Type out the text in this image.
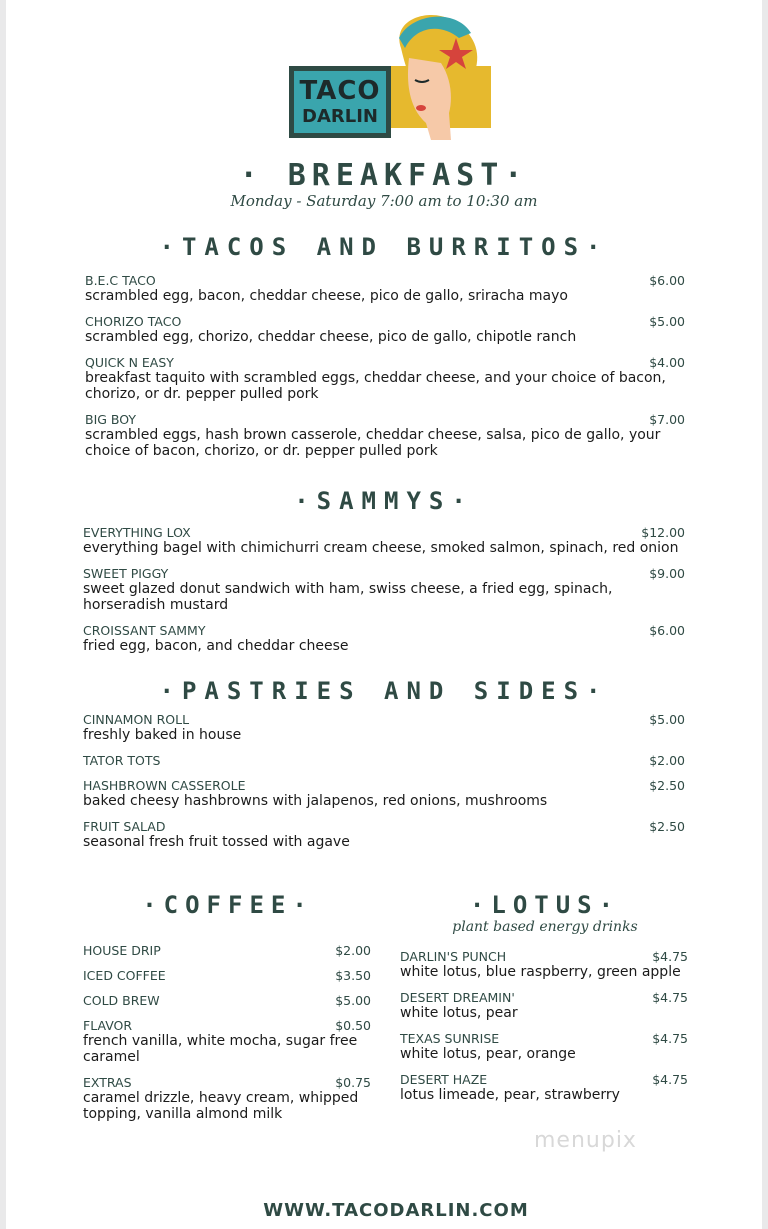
TACO
DARLIN
· BREAKFAST·
Monday - Saturday 7:00 am to 10:30 am
·TACOS AND BURRITOS·
B.E.C TACO	$6.00
scrambled egg, bacon, cheddar cheese, pico de gallo, sriracha mayo
CHORIZO TACO	$5.00
scrambled egg, chorizo, cheddar cheese, pico de gallo, chipotle ranch
QUICK N EASY	$4.00
breakfast taquito with scrambled eggs, cheddar cheese, and your choice of bacon, chorizo, or dr. pepper pulled pork
BIG BOY	$7.00
scrambled eggs, hash brown casserole, cheddar cheese, salsa, pico de gallo, your choice of bacon, chorizo, or dr. pepper pulled pork
·SAMMYS·
EVERYTHING LOX	$12.00
everything bagel with chimichurri cream cheese, smoked salmon, spinach, red onion
SWEET PIGGY	$9.00
sweet glazed donut sandwich with ham, swiss cheese, a fried egg, spinach, horseradish mustard
CROISSANT SAMMY	$6.00
fried egg, bacon, and cheddar cheese
·PASTRIES AND SIDES·
CINNAMON ROLL	$5.00
freshly baked in house
TATOR TOTS	$2.00
HASHBROWN CASSEROLE	$2.50
baked cheesy hashbrowns with jalapenos, red onions, mushrooms
FRUIT SALAD	$2.50
seasonal fresh fruit tossed with agave
·COFFEE·
HOUSE DRIP	$2.00
ICED COFFEE	$3.50
COLD BREW	$5.00
FLAVOR	$0.50
french vanilla, white mocha, sugar free caramel
EXTRAS	$0.75
caramel drizzle, heavy cream, whipped topping, vanilla almond milk
·LOTUS·
plant based energy drinks
DARLIN'S PUNCH	$4.75
white lotus, blue raspberry, green apple
DESERT DREAMIN'	$4.75
white lotus, pear
TEXAS SUNRISE	$4.75
white lotus, pear, orange
DESERT HAZE	$4.75
lotus limeade, pear, strawberry
menupix
WWW.TACODARLIN.COM
